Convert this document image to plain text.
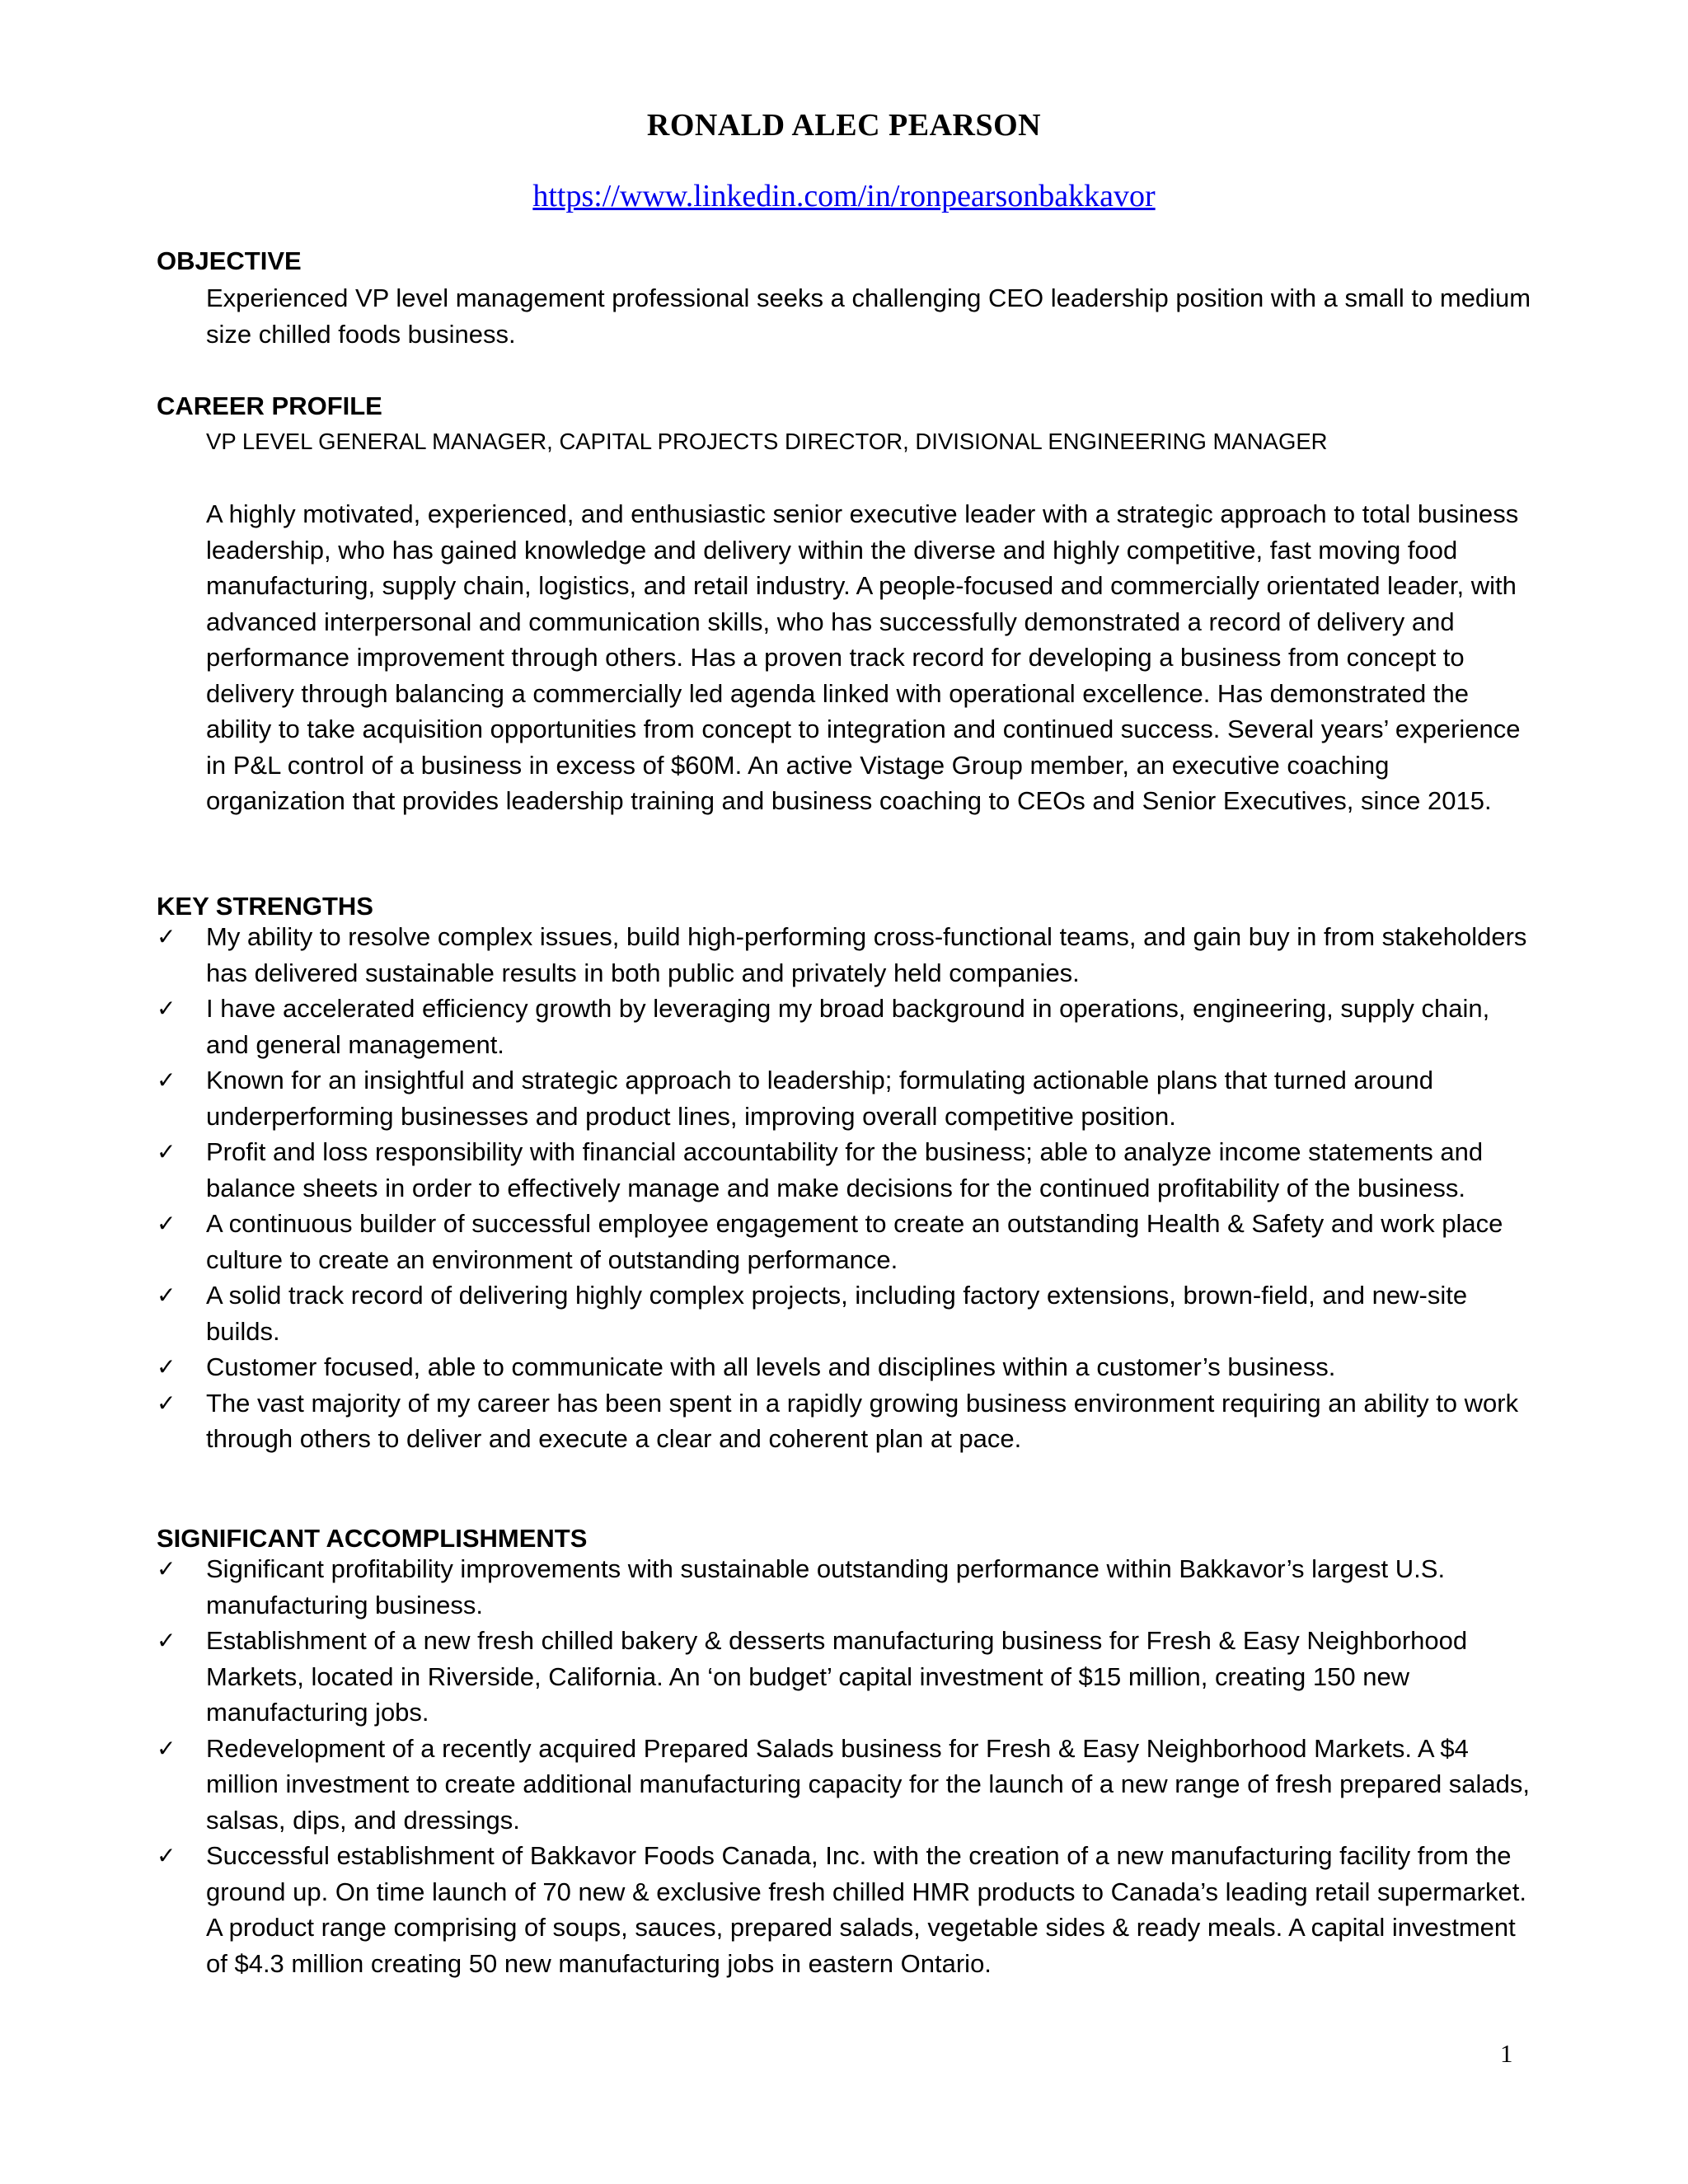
RONALD ALEC PEARSON
https://www.linkedin.com/in/ronpearsonbakkavor
OBJECTIVE
Experienced VP level management professional seeks a challenging CEO leadership position with a small to medium size chilled foods business.
CAREER PROFILE
VP LEVEL GENERAL MANAGER, CAPITAL PROJECTS DIRECTOR, DIVISIONAL ENGINEERING MANAGER
A highly motivated, experienced, and enthusiastic senior executive leader with a strategic approach to total business leadership, who has gained knowledge and delivery within the diverse and highly competitive, fast moving food manufacturing, supply chain, logistics, and retail industry. A people-focused and commercially orientated leader, with advanced interpersonal and communication skills, who has successfully demonstrated a record of delivery and performance improvement through others. Has a proven track record for developing a business from concept to delivery through balancing a commercially led agenda linked with operational excellence. Has demonstrated the ability to take acquisition opportunities from concept to integration and continued success. Several years’ experience in P&L control of a business in excess of $60M. An active Vistage Group member, an executive coaching organization that provides leadership training and business coaching to CEOs and Senior Executives, since 2015.
KEY STRENGTHS
✓	My ability to resolve complex issues, build high-performing cross-functional teams, and gain buy in from stakeholders has delivered sustainable results in both public and privately held companies.
✓	I have accelerated efficiency growth by leveraging my broad background in operations, engineering, supply chain, and general management.
✓	Known for an insightful and strategic approach to leadership; formulating actionable plans that turned around underperforming businesses and product lines, improving overall competitive position.
✓	Profit and loss responsibility with financial accountability for the business; able to analyze income statements and balance sheets in order to effectively manage and make decisions for the continued profitability of the business.
✓	A continuous builder of successful employee engagement to create an outstanding Health & Safety and work place culture to create an environment of outstanding performance.
✓	A solid track record of delivering highly complex projects, including factory extensions, brown-field, and new-site builds.
✓	Customer focused, able to communicate with all levels and disciplines within a customer’s business.
✓	The vast majority of my career has been spent in a rapidly growing business environment requiring an ability to work through others to deliver and execute a clear and coherent plan at pace.
SIGNIFICANT ACCOMPLISHMENTS
✓	Significant profitability improvements with sustainable outstanding performance within Bakkavor’s largest U.S. manufacturing business.
✓	Establishment of a new fresh chilled bakery & desserts manufacturing business for Fresh & Easy Neighborhood Markets, located in Riverside, California. An ‘on budget’ capital investment of $15 million, creating 150 new manufacturing jobs.
✓	Redevelopment of a recently acquired Prepared Salads business for Fresh & Easy Neighborhood Markets. A $4 million investment to create additional manufacturing capacity for the launch of a new range of fresh prepared salads, salsas, dips, and dressings.
✓	Successful establishment of Bakkavor Foods Canada, Inc. with the creation of a new manufacturing facility from the ground up. On time launch of 70 new & exclusive fresh chilled HMR products to Canada’s leading retail supermarket. A product range comprising of soups, sauces, prepared salads, vegetable sides & ready meals. A capital investment of $4.3 million creating 50 new manufacturing jobs in eastern Ontario.
1
